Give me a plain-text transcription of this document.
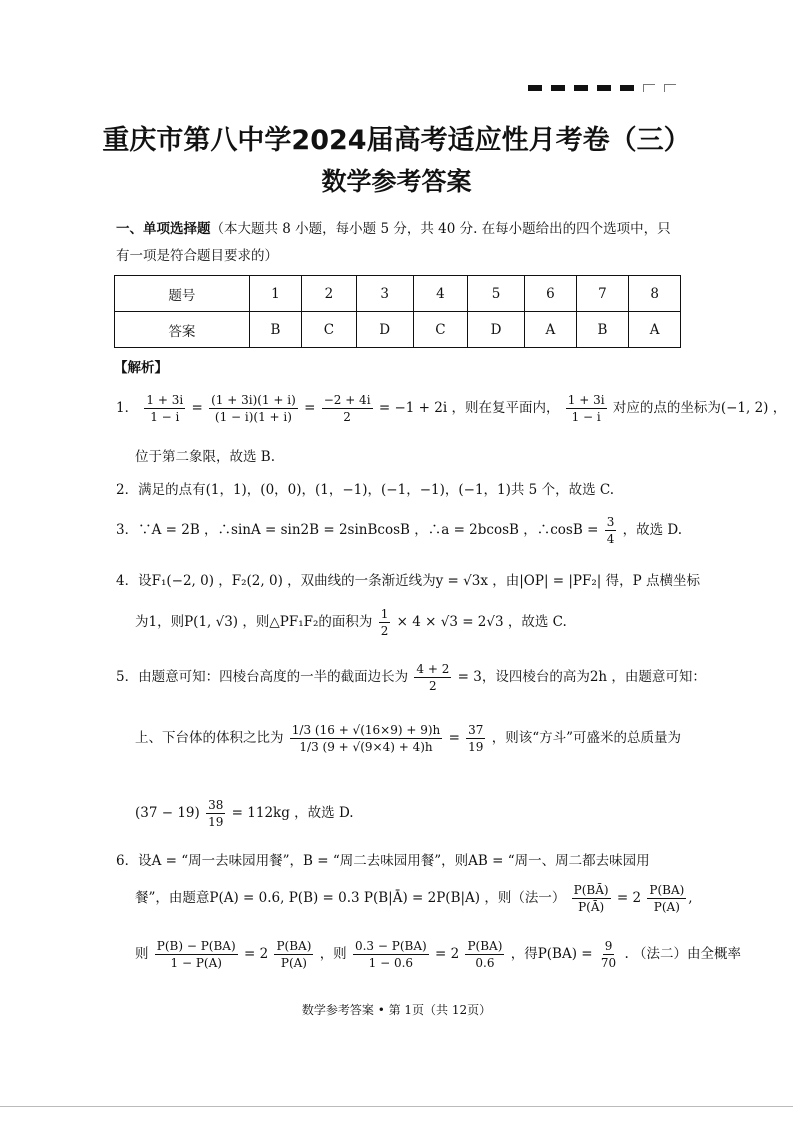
重庆市第八中学2024届高考适应性月考卷（三）
数学参考答案
一、单项选择题（本大题共 8 小题，每小题 5 分，共 40 分. 在每小题给出的四个选项中，只
有一项是符合题目要求的）
题号	1	2	3	4	5	6	7	8
答案	B	C	D	C	D	A	B	A
【解析】
1． $\frac{1 + 3i}{1 - i} = \frac{(1 + 3i)(1 + i)}{(1 - i)(1 + i)} = \frac{-2 + 4i}{2} = -1 + 2i$ ，则在复平面内， $\frac{1 + 3i}{1 - i}$ 对应的点的坐标为(−1, 2) ，
位于第二象限，故选 B.
2．满足的点有(1，1)，(0，0)，(1，−1)，(−1，−1)，(−1，1)共 5 个，故选 C.
3．∵A = 2B ，∴sinA = sin2B = 2sinBcosB ，∴a = 2bcosB ，∴cosB = $\frac{3}{4}$ ，故选 D.
4．设F₁(−2, 0) ，F₂(2, 0) ，双曲线的一条渐近线为y = √3x ，由|OP| = |PF₂| 得，P 点横坐标
为1，则P(1, √3) ，则△PF₁F₂的面积为 $\frac{1}{2} \times 4 \times √3 = 2√3$ ，故选 C.
5．由题意可知：四棱台高度的一半的截面边长为 $\frac{4 + 2}{2} = 3$，设四棱台的高为2h ，由题意可知：
上、下台体的体积之比为 $\frac{1/3 (16 + √(16\times 9) + 9)h}{1/3 (9 + √(9\times 4) + 4)h} = \frac{37}{19}$ ，则该“方斗”可盛米的总质量为
$(37 - 19) \frac{38}{19} = 112kg$ ，故选 D.
6．设A = “周一去味园用餐”，B = “周二去味园用餐”，则AB = “周一、周二都去味园用
餐”，由题意P(A) = 0.6, P(B) = 0.3 P(B|Ā) = 2P(B|A) ，则（法一） $\frac{P(BĀ)}{P(Ā)} = 2 \frac{P(BA)}{P(A)}$ ,
则 $\frac{P(B) - P(BA)}{1 - P(A)} = 2 \frac{P(BA)}{P(A)}$ ，则 $\frac{0.3 - P(BA)}{1 - 0.6} = 2 \frac{P(BA)}{0.6}$ ，得$P(BA) = \frac{9}{70}$ . （法二）由全概率
数学参考答案 • 第 1页（共 12页）
